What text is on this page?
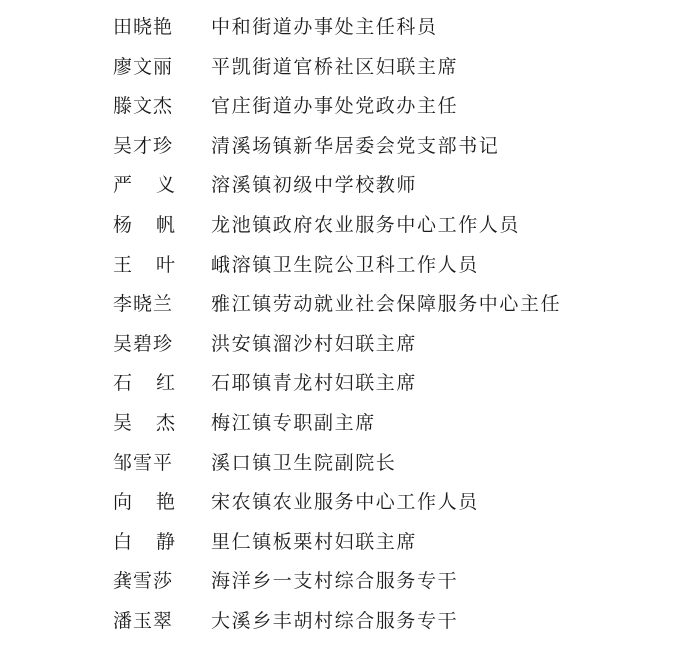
田晓艳 中和街道办事处主任科员
廖文丽 平凯街道官桥社区妇联主席
滕文杰 官庄街道办事处党政办主任
吴才珍 清溪场镇新华居委会党支部书记
严 义 溶溪镇初级中学校教师
杨 帆 龙池镇政府农业服务中心工作人员
王 叶 峨溶镇卫生院公卫科工作人员
李晓兰 雅江镇劳动就业社会保障服务中心主任
吴碧珍 洪安镇溜沙村妇联主席
石 红 石耶镇青龙村妇联主席
吴 杰 梅江镇专职副主席
邹雪平 溪口镇卫生院副院长
向 艳 宋农镇农业服务中心工作人员
白 静 里仁镇板栗村妇联主席
龚雪莎 海洋乡一支村综合服务专干
潘玉翠 大溪乡丰胡村综合服务专干
